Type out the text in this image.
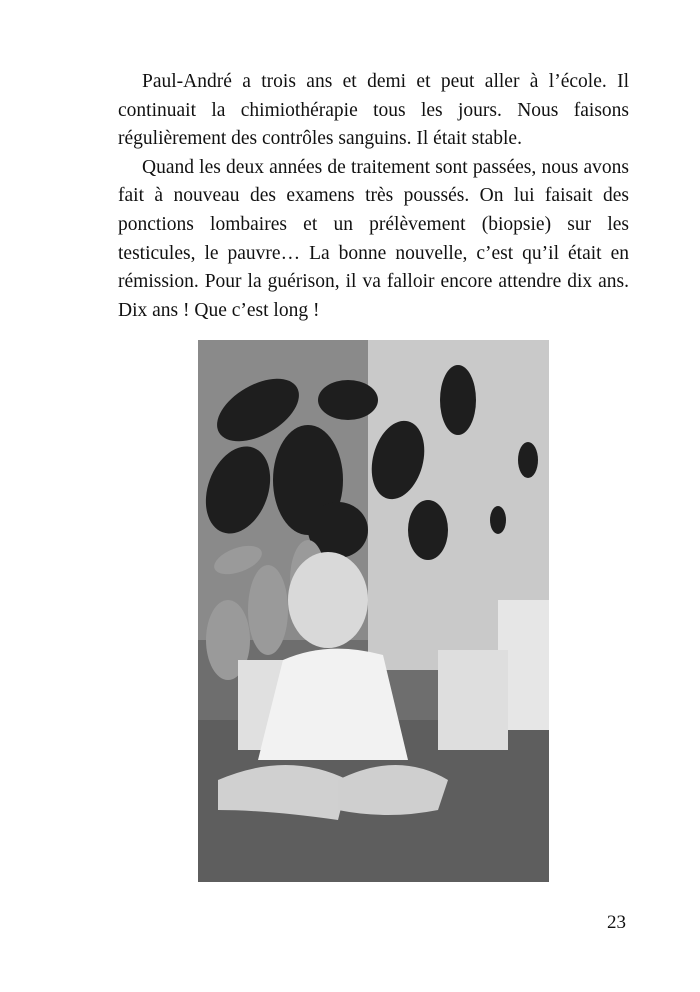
Paul-André a trois ans et demi et peut aller à l’école. Il
continuait la chimiothérapie tous les jours. Nous faisons
régulièrement des contrôles sanguins. Il était stable.
Quand les deux années de traitement sont passées, nous avons
fait à nouveau des examens très poussés. On lui faisait des
ponctions lombaires et un prélèvement (biopsie) sur les
testicules, le pauvre… La bonne nouvelle, c’est qu’il était en
rémission. Pour la guérison, il va falloir encore attendre dix ans.
Dix ans ! Que c’est long !
23
